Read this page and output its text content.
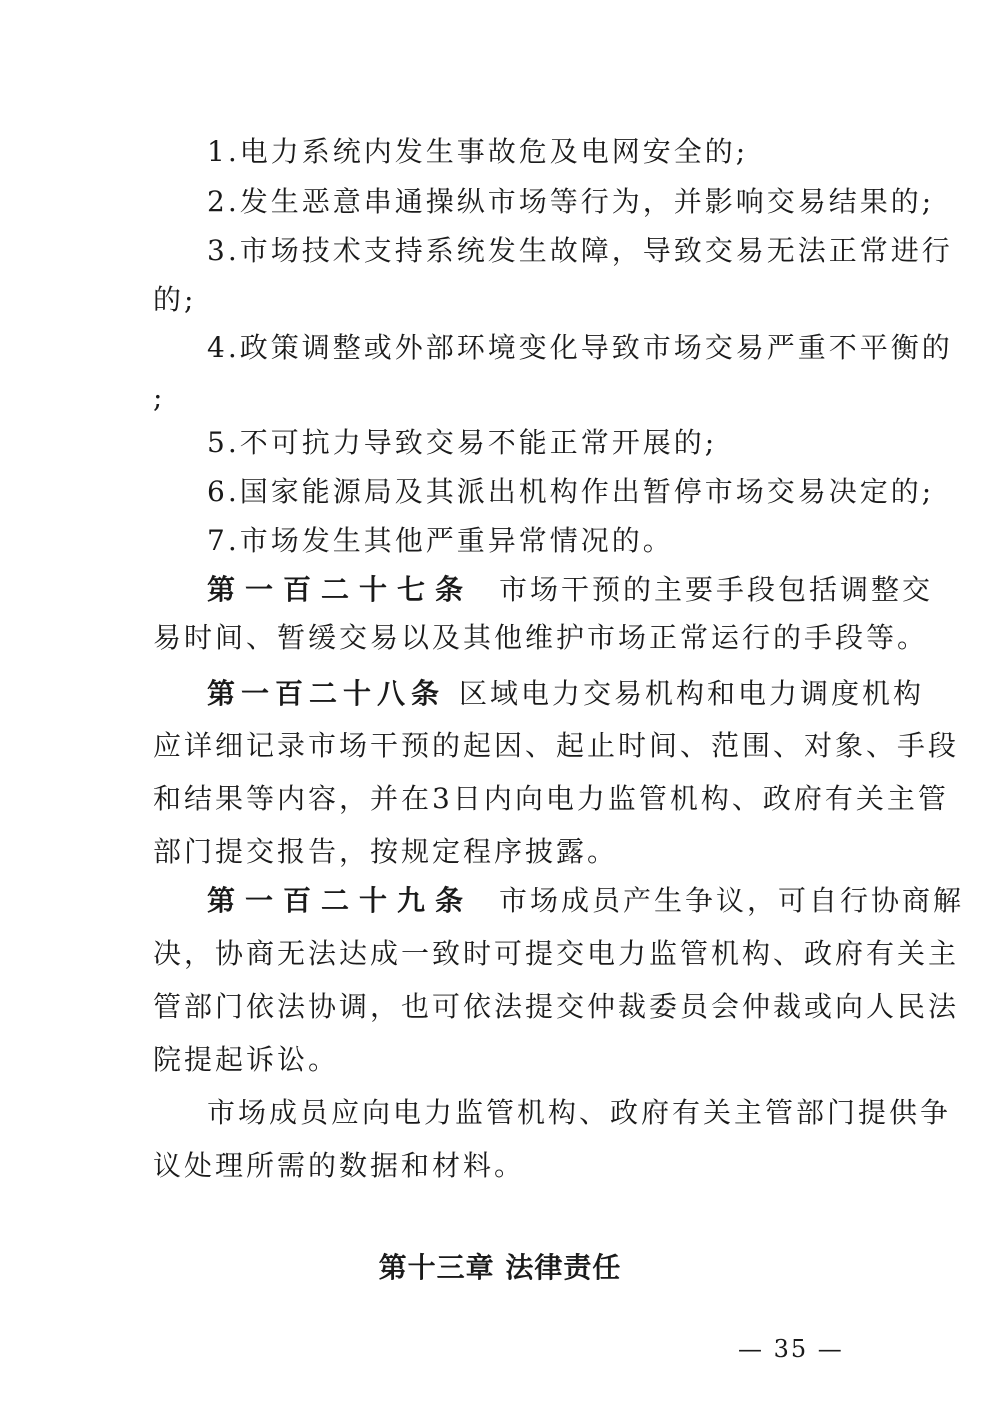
1.电力系统内发生事故危及电网安全的;
2.发生恶意串通操纵市场等行为，并影响交易结果的;
3.市场技术支持系统发生故障，导致交易无法正常进行
的;
4.政策调整或外部环境变化导致市场交易严重不平衡的
;
5.不可抗力导致交易不能正常开展的;
6.国家能源局及其派出机构作出暂停市场交易决定的;
7.市场发生其他严重异常情况的。
第一百二十七条 市场干预的主要手段包括调整交
易时间、暂缓交易以及其他维护市场正常运行的手段等。
第一百二十八条 区域电力交易机构和电力调度机构
应详细记录市场干预的起因、起止时间、范围、对象、手段
和结果等内容，并在3日内向电力监管机构、政府有关主管
部门提交报告，按规定程序披露。
第一百二十九条 市场成员产生争议，可自行协商解
决，协商无法达成一致时可提交电力监管机构、政府有关主
管部门依法协调，也可依法提交仲裁委员会仲裁或向人民法
院提起诉讼。
市场成员应向电力监管机构、政府有关主管部门提供争
议处理所需的数据和材料。
第十三章 法律责任
— 35 —
